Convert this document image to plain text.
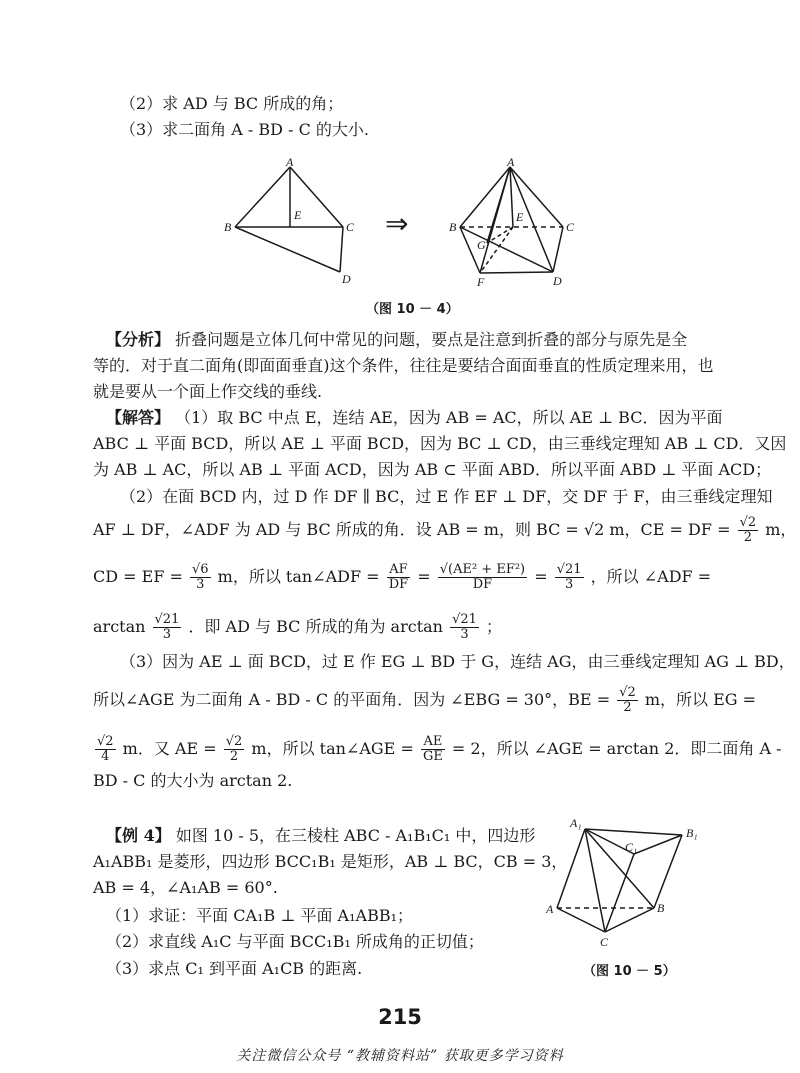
（2）求 AD 与 BC 所成的角；
（3）求二面角 A - BD - C 的大小.
A
B
E
C
D
⇒
A
B
E
C
G
F	D
（图 10 － 4）
【分析】 折叠问题是立体几何中常见的问题，要点是注意到折叠的部分与原先是全
等的．对于直二面角(即面面垂直)这个条件，往往是要结合面面垂直的性质定理来用，也
就是要从一个面上作交线的垂线.
【解答】 （1）取 BC 中点 E，连结 AE，因为 AB = AC，所以 AE ⊥ BC．因为平面
ABC ⊥ 平面 BCD，所以 AE ⊥ 平面 BCD，因为 BC ⊥ CD，由三垂线定理知 AB ⊥ CD．又因
为 AB ⊥ AC，所以 AB ⊥ 平面 ACD，因为 AB ⊂ 平面 ABD．所以平面 ABD ⊥ 平面 ACD；
（2）在面 BCD 内，过 D 作 DF ∥ BC，过 E 作 EF ⊥ DF，交 DF 于 F，由三垂线定理知
AF ⊥ DF，∠ADF 为 AD 与 BC 所成的角．设 AB = m，则 BC = √2 m，CE = DF = $\frac{√2}{2}$ m，
CD = EF = $\frac{√6}{3}$ m，所以 tan∠ADF = $\frac{AF}{DF} = \frac{\text{√(AE² + EF²)}}{DF} = \frac{√21}{3}$ ，所以 ∠ADF =
$\arctan \frac{√21}{3}$ ．即 AD 与 BC 所成的角为 $\arctan \frac{√21}{3}$ ；
（3）因为 AE ⊥ 面 BCD，过 E 作 EG ⊥ BD 于 G，连结 AG，由三垂线定理知 AG ⊥ BD，
所以∠AGE 为二面角 A - BD - C 的平面角．因为 ∠EBG = 30°，BE = $\frac{√2}{2}$ m，所以 EG =
$\frac{√2}{4}$ m．又 AE = $\frac{√2}{2}$ m，所以 tan∠AGE = $\frac{AE}{GE} = 2$，所以 ∠AGE = arctan 2．即二面角 A -
BD - C 的大小为 arctan 2.
【例 4】 如图 10 - 5，在三棱柱 ABC - A₁B₁C₁ 中，四边形
A₁ABB₁ 是菱形，四边形 BCC₁B₁ 是矩形，AB ⊥ BC，CB = 3，
AB = 4，∠A₁AB = 60°.
（1）求证：平面 CA₁B ⊥ 平面 A₁ABB₁；
（2）求直线 A₁C 与平面 BCC₁B₁ 所成角的正切值；
（3）求点 C₁ 到平面 A₁CB 的距离.
A₁
B₁
C₁
A	B
C
（图 10 － 5）
215
关注微信公众号 “教辅资料站” 获取更多学习资料
